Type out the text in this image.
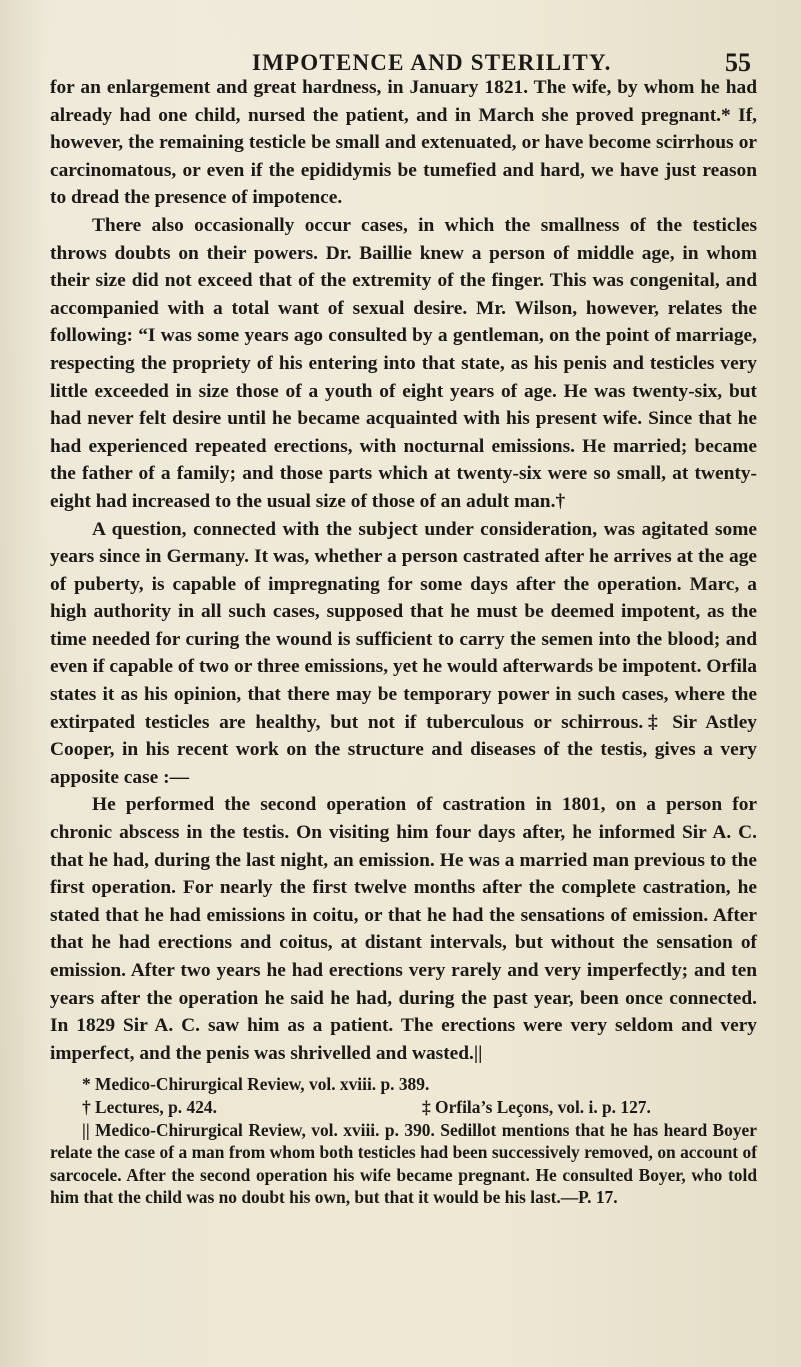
IMPOTENCE AND STERILITY.	55

for an enlargement and great hardness, in January 1821. The wife, by whom he had already had one child, nursed the patient, and in March she proved pregnant.* If, however, the remaining testicle be small and extenuated, or have become scirrhous or carcinomatous, or even if the epididymis be tumefied and hard, we have just reason to dread the presence of impotence.

There also occasionally occur cases, in which the smallness of the testicles throws doubts on their powers. Dr. Baillie knew a person of middle age, in whom their size did not exceed that of the extremity of the finger. This was congenital, and accompanied with a total want of sexual desire. Mr. Wilson, however, relates the following: “I was some years ago consulted by a gentleman, on the point of marriage, respecting the propriety of his entering into that state, as his penis and testicles very little exceeded in size those of a youth of eight years of age. He was twenty-six, but had never felt desire until he became acquainted with his present wife. Since that he had experienced repeated erections, with nocturnal emissions. He married; became the father of a family; and those parts which at twenty-six were so small, at twenty-eight had increased to the usual size of those of an adult man.†

A question, connected with the subject under consideration, was agitated some years since in Germany. It was, whether a person castrated after he arrives at the age of puberty, is capable of impregnating for some days after the operation. Marc, a high authority in all such cases, supposed that he must be deemed impotent, as the time needed for curing the wound is sufficient to carry the semen into the blood; and even if capable of two or three emissions, yet he would afterwards be impotent. Orfila states it as his opinion, that there may be temporary power in such cases, where the extirpated testicles are healthy, but not if tuberculous or schirrous.‡ Sir Astley Cooper, in his recent work on the structure and diseases of the testis, gives a very apposite case :—

He performed the second operation of castration in 1801, on a person for chronic abscess in the testis. On visiting him four days after, he informed Sir A. C. that he had, during the last night, an emission. He was a married man previous to the first operation. For nearly the first twelve months after the complete castration, he stated that he had emissions in coitu, or that he had the sensations of emission. After that he had erections and coitus, at distant intervals, but without the sensation of emission. After two years he had erections very rarely and very imperfectly; and ten years after the operation he said he had, during the past year, been once connected. In 1829 Sir A. C. saw him as a patient. The erections were very seldom and very imperfect, and the penis was shrivelled and wasted.||

* Medico-Chirurgical Review, vol. xviii. p. 389.
† Lectures, p. 424.	‡ Orfila’s Leçons, vol. i. p. 127.

|| Medico-Chirurgical Review, vol. xviii. p. 390. Sedillot mentions that he has heard Boyer relate the case of a man from whom both testicles had been successively removed, on account of sarcocele. After the second operation his wife became pregnant. He consulted Boyer, who told him that the child was no doubt his own, but that it would be his last.—P. 17.
